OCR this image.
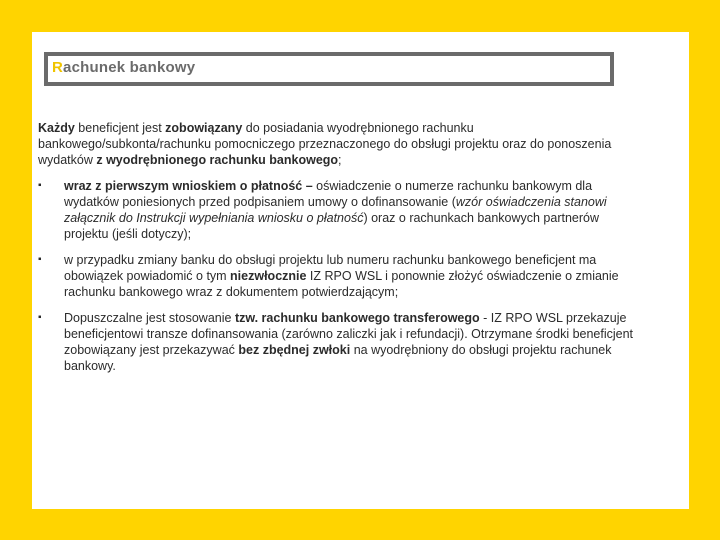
Rachunek bankowy

Każdy beneficjent jest zobowiązany do posiadania wyodrębnionego rachunku bankowego/subkonta/rachunku pomocniczego przeznaczonego do obsługi projektu oraz do ponoszenia wydatków z wyodrębnionego rachunku bankowego;

▪ wraz z pierwszym wnioskiem o płatność – oświadczenie o numerze rachunku bankowym dla wydatków poniesionych przed podpisaniem umowy o dofinansowanie (wzór oświadczenia stanowi załącznik do Instrukcji wypełniania wniosku o płatność) oraz o rachunkach bankowych partnerów projektu (jeśli dotyczy);
▪ w przypadku zmiany banku do obsługi projektu lub numeru rachunku bankowego beneficjent ma obowiązek powiadomić o tym niezwłocznie IZ RPO WSL i ponownie złożyć oświadczenie o zmianie rachunku bankowego wraz z dokumentem potwierdzającym;
▪ Dopuszczalne jest stosowanie tzw. rachunku bankowego transferowego - IZ RPO WSL przekazuje beneficjentowi transze dofinansowania (zarówno zaliczki jak i refundacji). Otrzymane środki beneficjent zobowiązany jest przekazywać bez zbędnej zwłoki na wyodrębniony do obsługi projektu rachunek bankowy.
